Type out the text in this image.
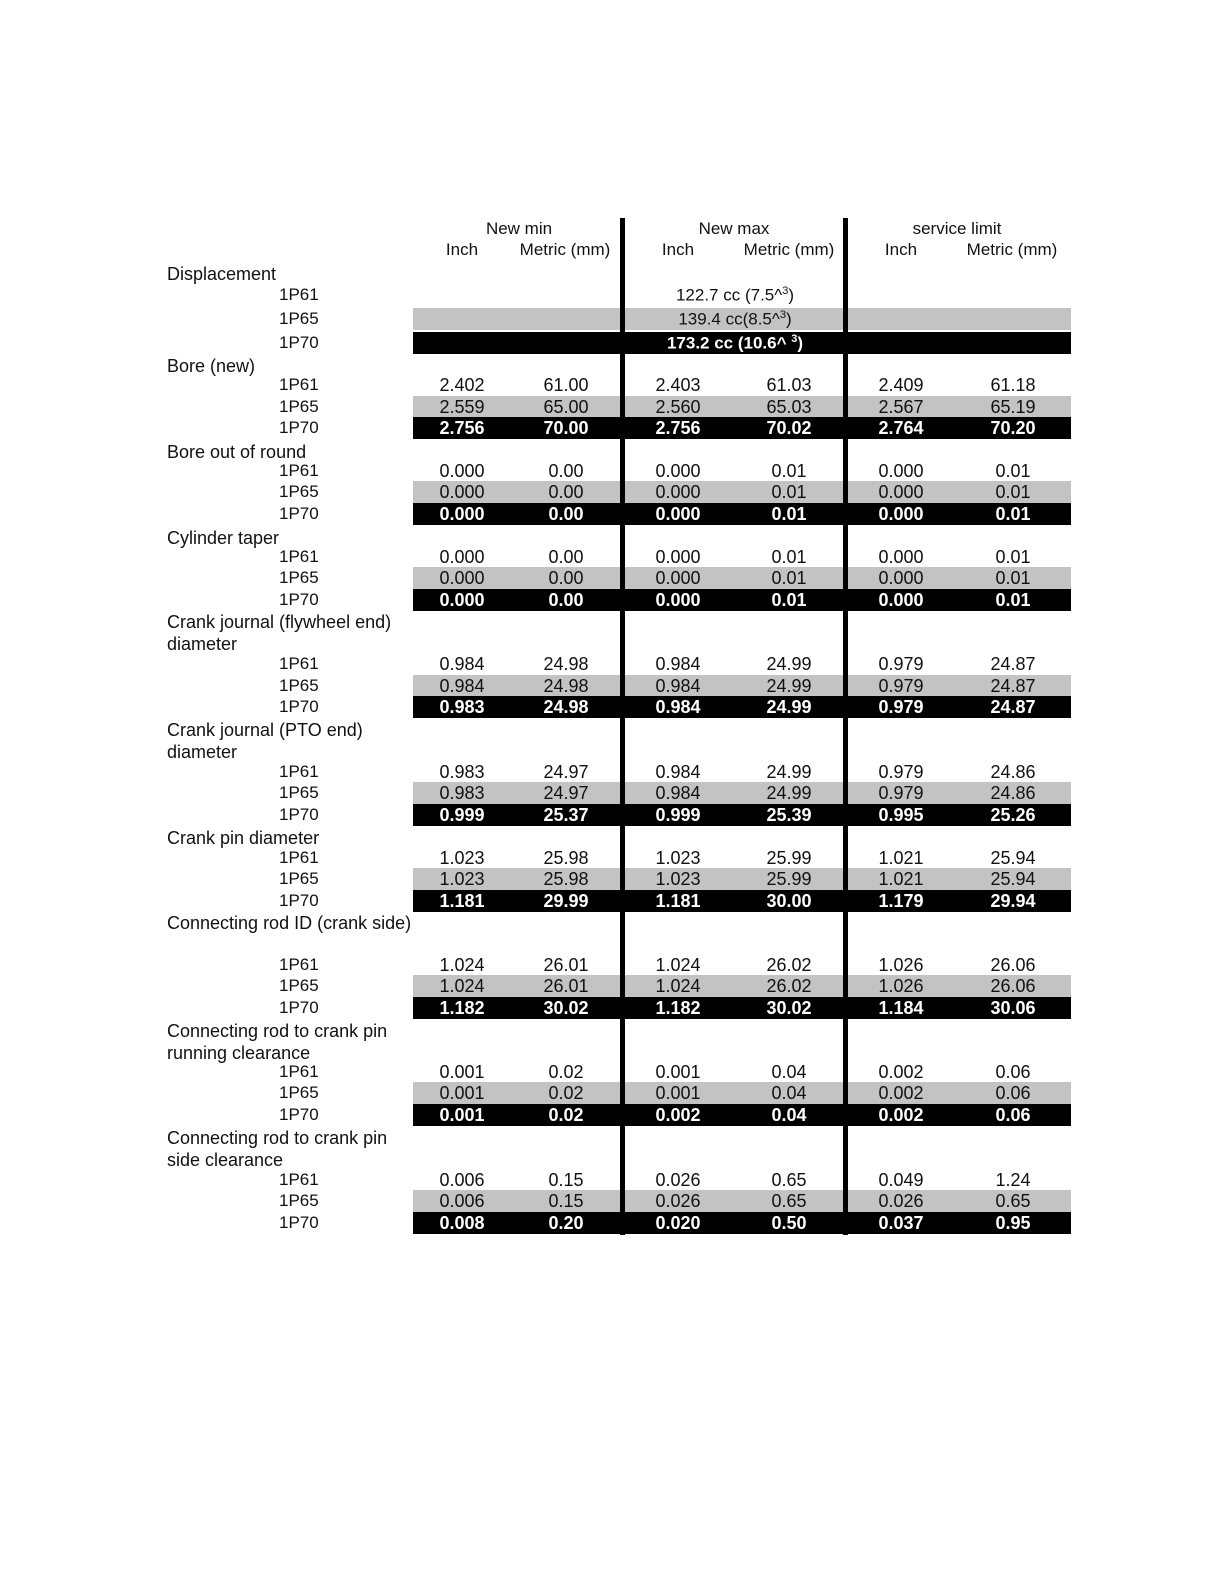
New min
Inch	Metric (mm)
New max
Inch	Metric (mm)
service limit
Inch	Metric (mm)
Displacement
1P61	122.7 cc (7.5^$^3$)
1P65	139.4 cc(8.5^$^3$)
1P70	173.2 cc (10.6^ $^3$)
Bore (new)
1P61	2.402	61.00	2.403	61.03	2.409	61.18
1P65	2.559	65.00	2.560	65.03	2.567	65.19
1P70	2.756	70.00	2.756	70.02	2.764	70.20
Bore out of round
1P61	0.000	0.00	0.000	0.01	0.000	0.01
1P65	0.000	0.00	0.000	0.01	0.000	0.01
1P70	0.000	0.00	0.000	0.01	0.000	0.01
Cylinder taper
1P61	0.000	0.00	0.000	0.01	0.000	0.01
1P65	0.000	0.00	0.000	0.01	0.000	0.01
1P70	0.000	0.00	0.000	0.01	0.000	0.01
Crank journal (flywheel end) diameter
1P61	0.984	24.98	0.984	24.99	0.979	24.87
1P65	0.984	24.98	0.984	24.99	0.979	24.87
1P70	0.983	24.98	0.984	24.99	0.979	24.87
Crank journal (PTO end) diameter
1P61	0.983	24.97	0.984	24.99	0.979	24.86
1P65	0.983	24.97	0.984	24.99	0.979	24.86
1P70	0.999	25.37	0.999	25.39	0.995	25.26
Crank pin diameter
1P61	1.023	25.98	1.023	25.99	1.021	25.94
1P65	1.023	25.98	1.023	25.99	1.021	25.94
1P70	1.181	29.99	1.181	30.00	1.179	29.94
Connecting rod ID (crank side)
1P61	1.024	26.01	1.024	26.02	1.026	26.06
1P65	1.024	26.01	1.024	26.02	1.026	26.06
1P70	1.182	30.02	1.182	30.02	1.184	30.06
Connecting rod to crank pin running clearance
1P61	0.001	0.02	0.001	0.04	0.002	0.06
1P65	0.001	0.02	0.001	0.04	0.002	0.06
1P70	0.001	0.02	0.002	0.04	0.002	0.06
Connecting rod to crank pin side clearance
1P61	0.006	0.15	0.026	0.65	0.049	1.24
1P65	0.006	0.15	0.026	0.65	0.026	0.65
1P70	0.008	0.20	0.020	0.50	0.037	0.95
